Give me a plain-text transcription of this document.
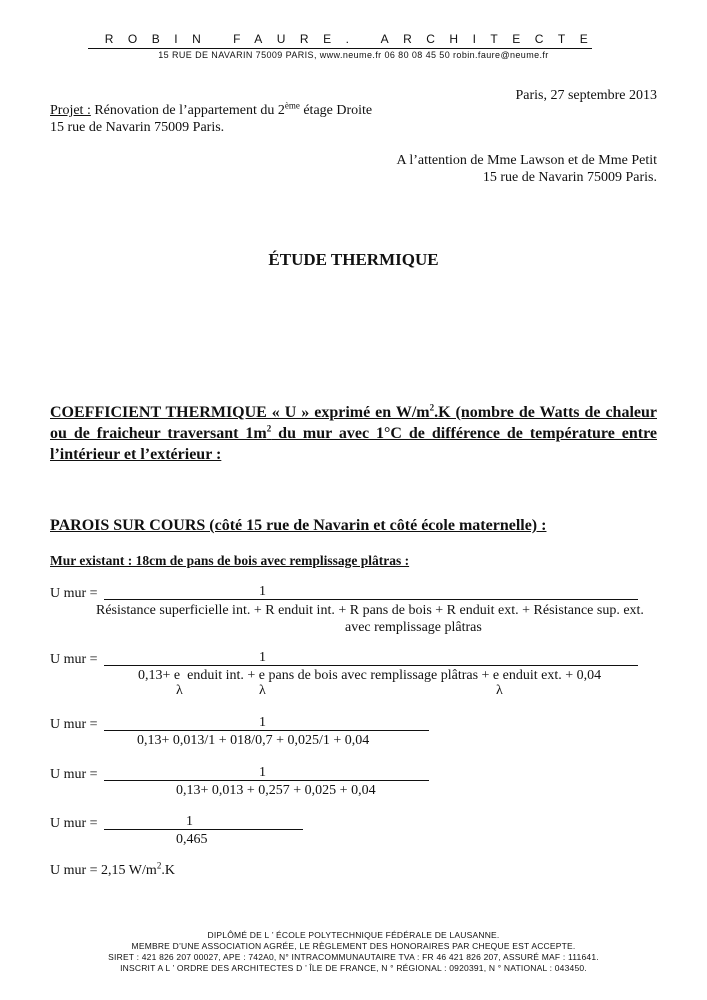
ROBIN FAURE. ARCHITECTE
15 RUE DE NAVARIN 75009 PARIS, www.neume.fr 06 80 08 45 50 robin.faure@neume.fr
Paris, 27 septembre 2013
Projet : Rénovation de l’appartement du 2ème étage Droite
15 rue de Navarin 75009 Paris.
A l’attention de Mme Lawson et de Mme Petit
15 rue de Navarin 75009 Paris.
ÉTUDE THERMIQUE
COEFFICIENT THERMIQUE « U » exprimé en $W/m^2.K$ (nombre de Watts de chaleur ou de fraicheur traversant $1m^2$ du mur avec 1°C de différence de température entre l’intérieur et l’extérieur :
PAROIS SUR COURS (côté 15 rue de Navarin et côté école maternelle) :
Mur existant : 18cm de pans de bois avec remplissage plâtras :
U mur =	1
Résistance superficielle int. + R enduit int. + R pans de bois + R enduit ext. + Résistance sup. ext.
avec remplissage plâtras
U mur =	1
0,13+ e  enduit int. + e pans de bois avec remplissage plâtras + e enduit ext. + 0,04
λ	λ	λ
U mur =	1
0,13+ 0,013/1 + 018/0,7 + 0,025/1 + 0,04
U mur =	1
0,13+ 0,013 + 0,257 + 0,025 + 0,04
U mur =	1
0,465
U mur = 2,15 $W/m^2.K$
DIPLÔMÉ DE L ’ ÉCOLE POLYTECHNIQUE FÉDÉRALE DE LAUSANNE.
MEMBRE D’UNE ASSOCIATION AGRÉE, LE RÈGLEMENT DES HONORAIRES PAR CHEQUE EST ACCEPTE.
SIRET : 421 826 207 00027, APE : 742A0, N° INTRACOMMUNAUTAIRE TVA : FR 46 421 826 207, ASSURÉ MAF : 111641.
INSCRIT A L ’ ORDRE DES ARCHITECTES D ’ ÎLE DE FRANCE, N ° RÉGIONAL : 0920391, N ° NATIONAL : 043450.
